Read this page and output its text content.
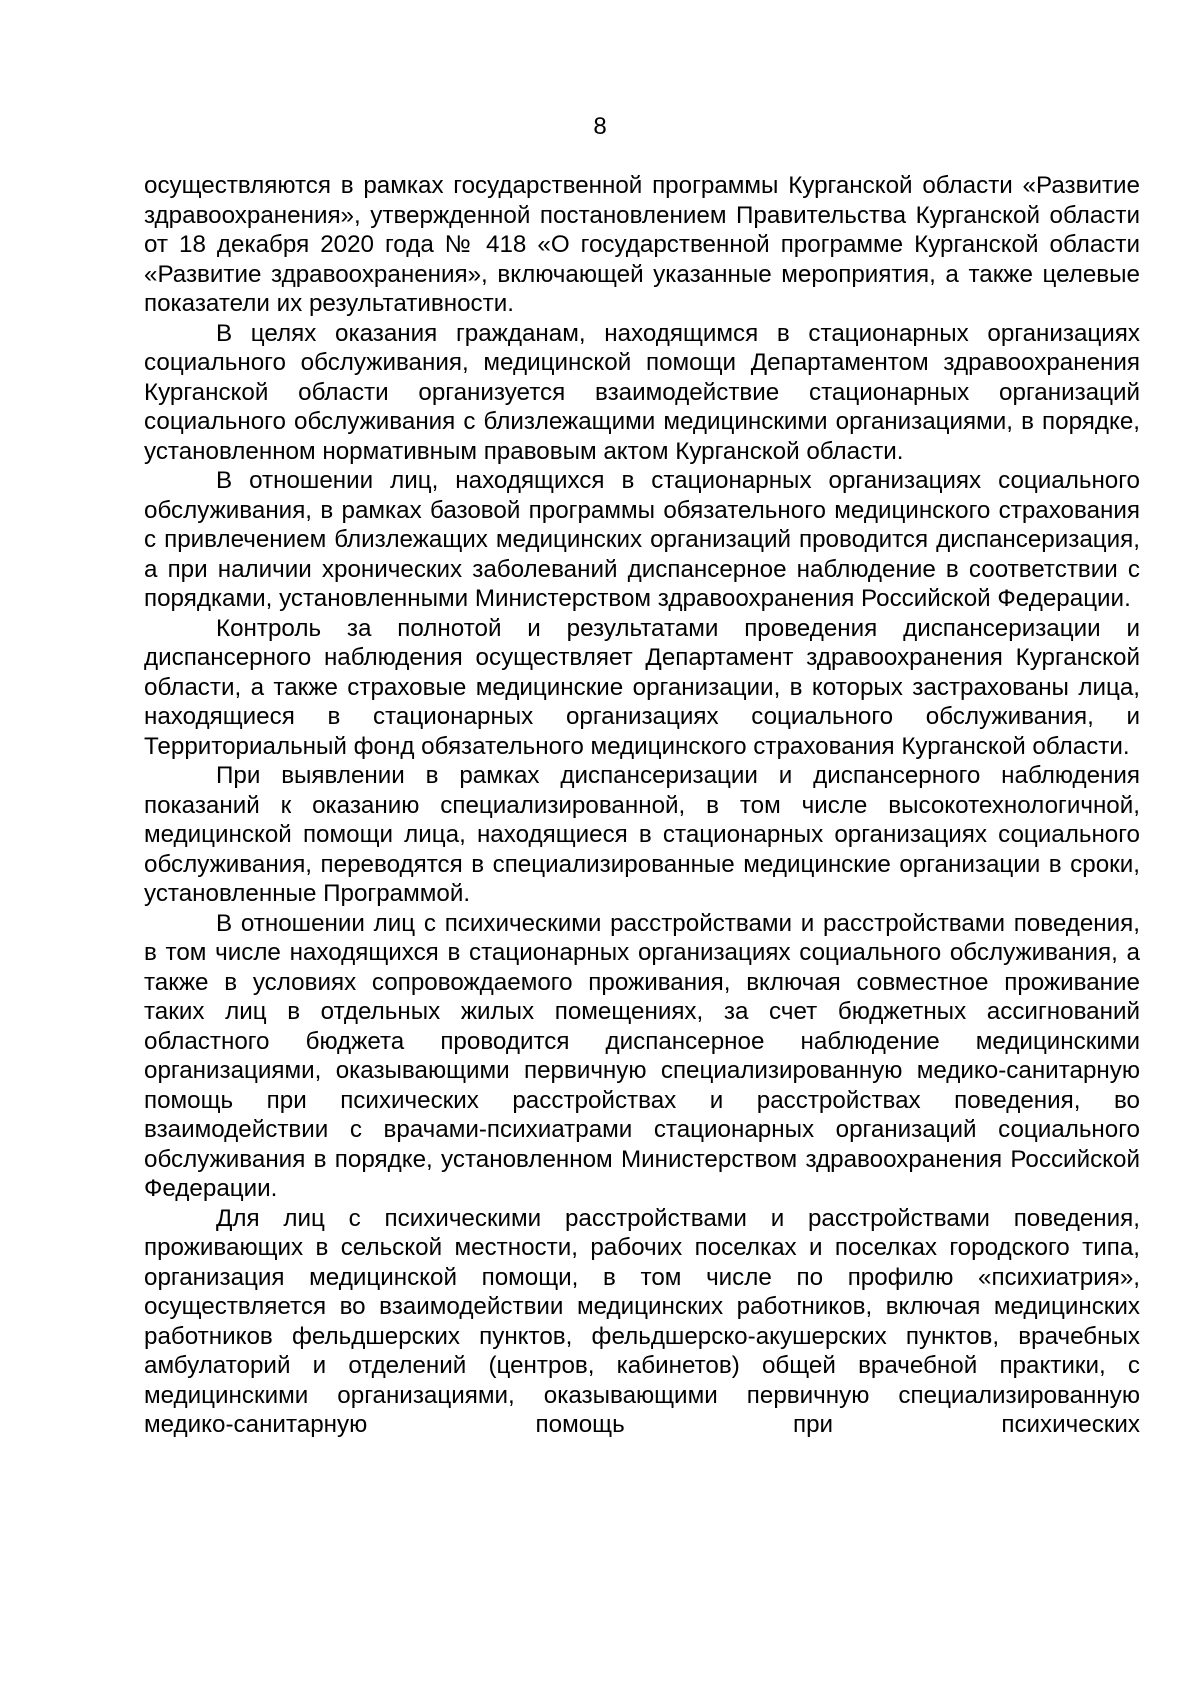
8

осуществляются в рамках государственной программы Курганской области «Развитие здравоохранения», утвержденной постановлением Правительства Курганской области от 18 декабря 2020 года № 418 «О государственной программе Курганской области «Развитие здравоохранения», включающей указанные мероприятия, а также целевые показатели их результативности.

В целях оказания гражданам, находящимся в стационарных организациях социального обслуживания, медицинской помощи Департаментом здравоохранения Курганской области организуется взаимодействие стационарных организаций социального обслуживания с близлежащими медицинскими организациями, в порядке, установленном нормативным правовым актом Курганской области.

В отношении лиц, находящихся в стационарных организациях социального обслуживания, в рамках базовой программы обязательного медицинского страхования с привлечением близлежащих медицинских организаций проводится диспансеризация, а при наличии хронических заболеваний диспансерное наблюдение в соответствии с порядками, установленными Министерством здравоохранения Российской Федерации.

Контроль за полнотой и результатами проведения диспансеризации и диспансерного наблюдения осуществляет Департамент здравоохранения Курганской области, а также страховые медицинские организации, в которых застрахованы лица, находящиеся в стационарных организациях социального обслуживания, и Территориальный фонд обязательного медицинского страхования Курганской области.

При выявлении в рамках диспансеризации и диспансерного наблюдения показаний к оказанию специализированной, в том числе высокотехнологичной, медицинской помощи лица, находящиеся в стационарных организациях социального обслуживания, переводятся в специализированные медицинские организации в сроки, установленные Программой.

В отношении лиц с психическими расстройствами и расстройствами поведения, в том числе находящихся в стационарных организациях социального обслуживания, а также в условиях сопровождаемого проживания, включая совместное проживание таких лиц в отдельных жилых помещениях, за счет бюджетных ассигнований областного бюджета проводится диспансерное наблюдение медицинскими организациями, оказывающими первичную специализированную медико-санитарную помощь при психических расстройствах и расстройствах поведения, во взаимодействии с врачами-психиатрами стационарных организаций социального обслуживания в порядке, установленном Министерством здравоохранения Российской Федерации.

Для лиц с психическими расстройствами и расстройствами поведения, проживающих в сельской местности, рабочих поселках и поселках городского типа, организация медицинской помощи, в том числе по профилю «психиатрия», осуществляется во взаимодействии медицинских работников, включая медицинских работников фельдшерских пунктов, фельдшерско-акушерских пунктов, врачебных амбулаторий и отделений (центров, кабинетов) общей врачебной практики, с медицинскими организациями, оказывающими первичную специализированную медико-санитарную помощь при психических
